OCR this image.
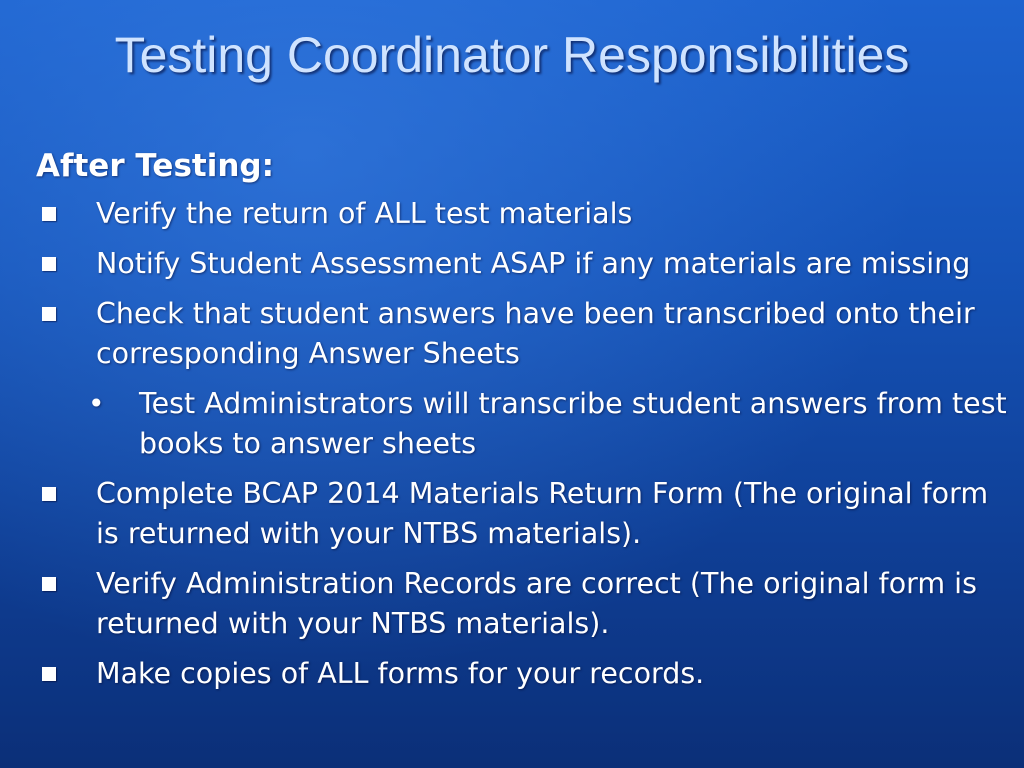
Testing Coordinator Responsibilities
After Testing:
Verify the return of ALL test materials
Notify Student Assessment ASAP if any materials are missing
Check that student answers have been transcribed onto their corresponding Answer Sheets
• Test Administrators will transcribe student answers from test books to answer sheets
Complete BCAP 2014 Materials Return Form (The original form is returned with your NTBS materials).
Verify Administration Records are correct (The original form is returned with your NTBS materials).
Make copies of ALL forms for your records.
